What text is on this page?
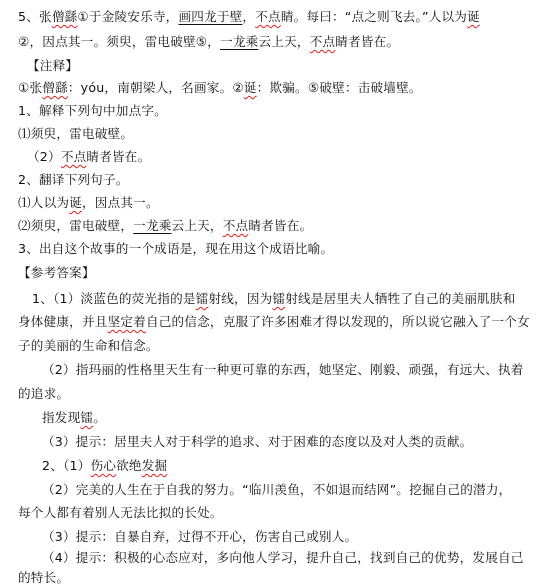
5、张僧繇①于金陵安乐寺，画四龙于壁，不点睛。每曰：“点之则飞去。”人以为诞
②，因点其一。须臾，雷电破壁⑤，一龙乘云上天，不点睛者皆在。
【注释】
①张僧繇：yóu，南朝梁人，名画家。②诞：欺骗。⑤破壁：击破墙壁。
1、解释下列句中加点字。
⑴须臾，雷电破壁。
（2）不点睛者皆在。
2、翻译下列句子。
⑴人以为诞，因点其一。
⑵须臾，雷电破壁，一龙乘云上天，不点睛者皆在。
3、出自这个故事的一个成语是，现在用这个成语比喻。
【参考答案】
1、（1）淡蓝色的荧光指的是镭射线，因为镭射线是居里夫人牺牲了自己的美丽肌肤和
身体健康，并且坚定着自己的信念，克服了许多困难才得以发现的，所以说它融入了一个女
子的美丽的生命和信念。
（2）指玛丽的性格里天生有一种更可靠的东西，她坚定、刚毅、顽强，有远大、执着
的追求。
指发现镭。
（3）提示：居里夫人对于科学的追求、对于困难的态度以及对人类的贡献。
2、（1）伤心欲绝发掘
（2）完美的人生在于自我的努力。“临川羡鱼，不如退而结网”。挖掘自己的潜力，
每个人都有着别人无法比拟的长处。
（3）提示：自暴自弃，过得不开心，伤害自己或别人。
（4）提示：积极的心态应对，多向他人学习，提升自己，找到自己的优势，发展自己
的特长。
